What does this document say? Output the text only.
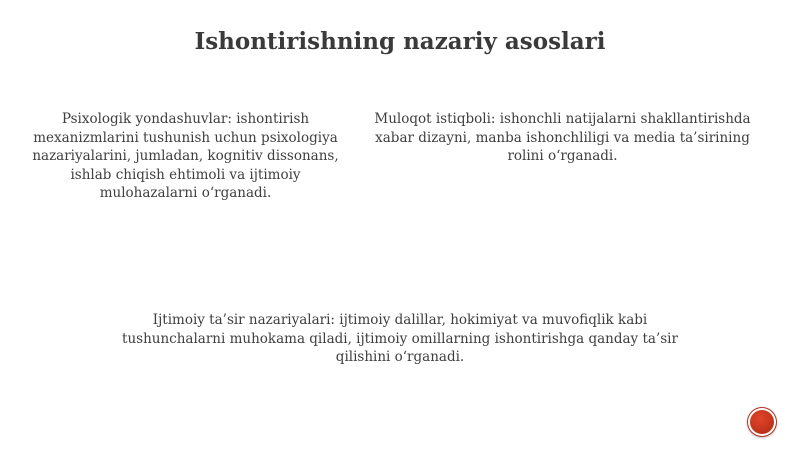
Ishontirishning nazariy asoslari

Psixologik yondashuvlar: ishontirish mexanizmlarini tushunish uchun psixologiya nazariyalarini, jumladan, kognitiv dissonans, ishlab chiqish ehtimoli va ijtimoiy mulohazalarni o‘rganadi.

Muloqot istiqboli: ishonchli natijalarni shakllantirishda xabar dizayni, manba ishonchliligi va media ta’sirining rolini o‘rganadi.

Ijtimoiy ta’sir nazariyalari: ijtimoiy dalillar, hokimiyat va muvofiqlik kabi tushunchalarni muhokama qiladi, ijtimoiy omillarning ishontirishga qanday ta’sir qilishini o‘rganadi.
